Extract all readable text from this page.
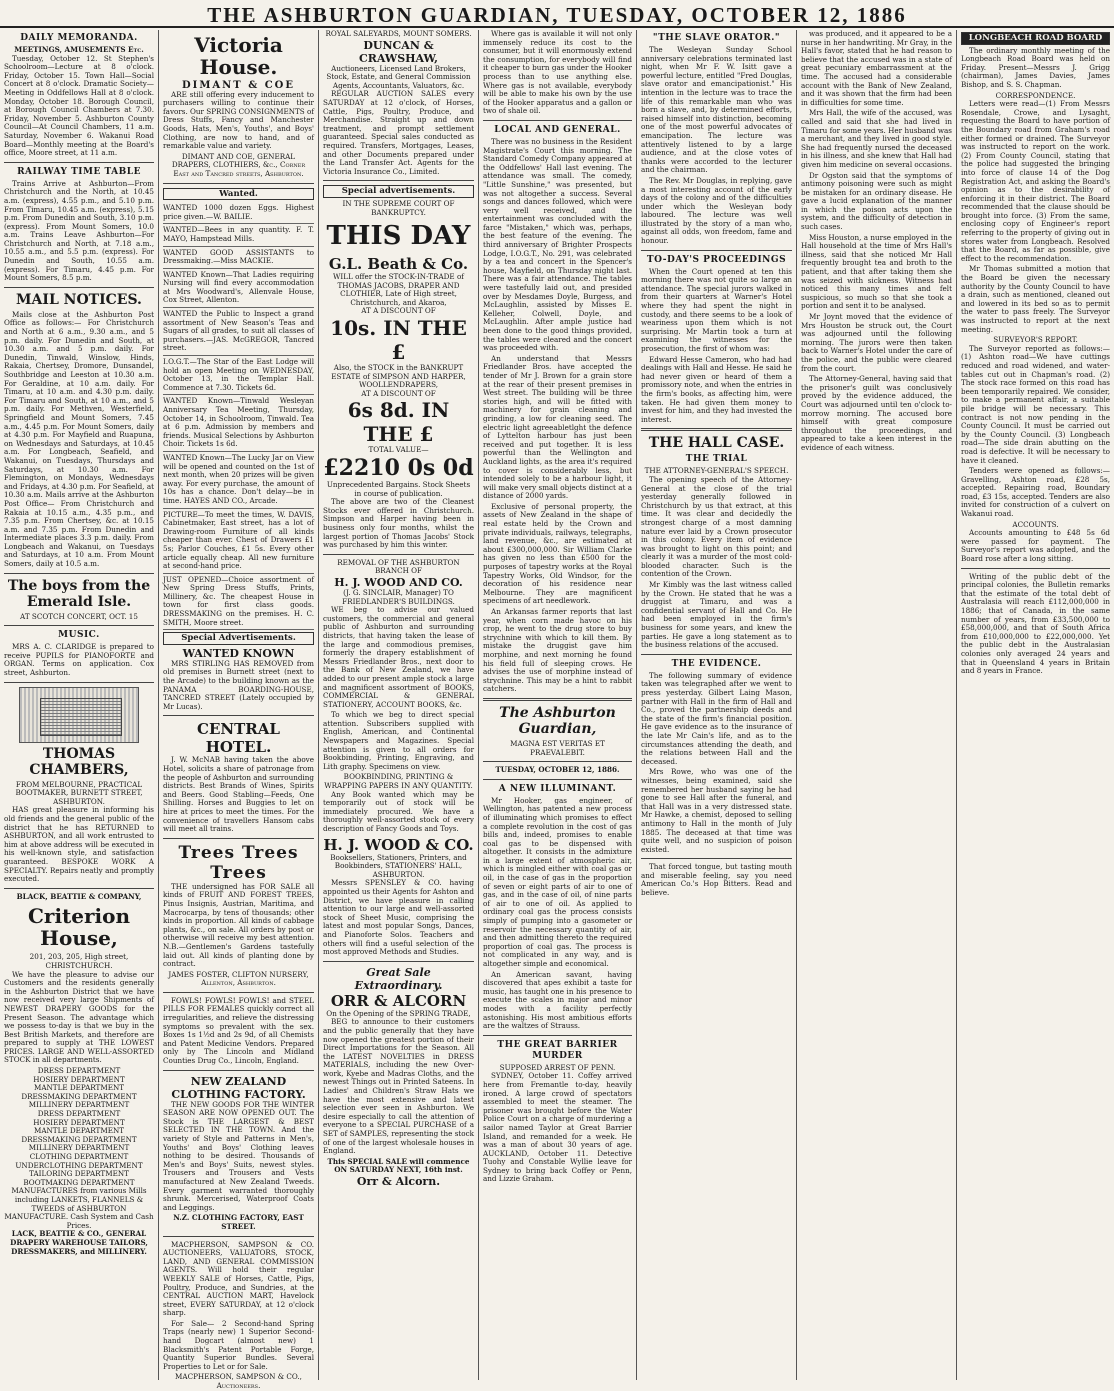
THE ASHBURTON GUARDIAN, TUESDAY, OCTOBER 12, 1886
DAILY MEMORANDA.
MEETINGS, AMUSEMENTS Etc.
Tuesday, October 12. St Stephen's Schoolroom—Lecture at 8 o'clock. Friday, October 15. Town Hall—Social Concert at 8 o'clock. Dramatic Society—Meeting in Oddfellows Hall at 8 o'clock. Monday, October 18. Borough Council, at Borough Council Chambers at 7.30. Friday, November 5. Ashburton County Council—At Council Chambers, 11 a.m. Saturday, November 6. Wakanui Road Board—Monthly meeting at the Board's office, Moore street, at 11 a.m.
RAILWAY TIME TABLE
Trains Arrive at Ashburton—From Christchurch and the North, at 10.45 a.m. (express), 4.55 p.m., and 5.10 p.m. From Timaru, 10.45 a.m. (express), 5.15 p.m. From Dunedin and South, 3.10 p.m. (express). From Mount Somers, 10.0 a.m. Trains Leave Ashburton—For Christchurch and North, at 7.18 a.m., 10.55 a.m., and 5.5 p.m. (express). For Dunedin and South, 10.55 a.m. (express). For Timaru, 4.45 p.m. For Mount Somers, 8.5 p.m.
MAIL NOTICES.
Mails close at the Ashburton Post Office as follows:— For Christchurch and North at 6 a.m., 9.30 a.m., and 5 p.m. daily. For Dunedin and South, at 10.30 a.m. and 5 p.m. daily. For Dunedin, Tinwald, Winslow, Hinds, Rakaia, Chertsey, Dromore, Dunsandel, Southbridge and Leeston at 10.30 a.m. For Geraldine, at 10 a.m. daily. For Timaru, at 10 a.m. and 4.30 p.m. daily. For Timaru and South, at 10 a.m., and 5 p.m. daily. For Methven, Westerfield, Springfield and Mount Somers, 7.45 a.m., 4.45 p.m. For Mount Somers, daily at 4.30 p.m. For Mayfield and Ruapuna, on Wednesdays and Saturdays, at 10.45 a.m. For Longbeach, Seafield, and Wakanui, on Tuesdays, Thursdays and Saturdays, at 10.30 a.m. For Flemington, on Mondays, Wednesdays and Fridays, at 4.30 p.m. For Seafield, at 10.30 a.m. Mails arrive at the Ashburton Post Office— From Christchurch and Rakaia at 10.15 a.m., 4.35 p.m., and 7.35 p.m. From Chertsey, &c. at 10.15 a.m. and 7.35 p.m. From Dunedin and Intermediate places 3.3 p.m. daily. From Longbeach and Wakanui, on Tuesdays and Saturdays, at 10 a.m. From Mount Somers, daily at 10.5 a.m.
The boys from the Emerald Isle.
AT SCOTCH CONCERT, OCT. 15
MUSIC.
MRS A. C. CLARIDGE is prepared to receive PUPILS for PIANOFORTE and ORGAN. Terms on application. Cox street, Ashburton.
THOMAS CHAMBERS,
FROM MELBOURNE, PRACTICAL BOOTMAKER, BURNETT STREET, ASHBURTON.
HAS great pleasure in informing his old friends and the general public of the district that he has RETURNED to ASHBURTON, and all work entrusted to him at above address will be executed in his well-known style, and satisfaction guaranteed. BESPOKE WORK A SPECIALTY. Repairs neatly and promptly executed.
BLACK, BEATTIE & COMPANY,
Criterion House,
201, 203, 205, High street, CHRISTCHURCH.
We have the pleasure to advise our Customers and the residents generally in the Ashburton District that we have now received very large Shipments of NEWEST DRAPERY GOODS for the Present Season. The advantage which we possess to-day is that we buy in the Best British Markets, and therefore are prepared to supply at THE LOWEST PRICES. LARGE AND WELL-ASSORTED STOCK in all departments.
DRESS DEPARTMENT
HOSIERY DEPARTMENT
MANTLE DEPARTMENT
DRESSMAKING DEPARTMENT
MILLINERY DEPARTMENT
DRESS DEPARTMENT
HOSIERY DEPARTMENT
MANTLE DEPARTMENT
DRESSMAKING DEPARTMENT
MILLINERY DEPARTMENT
CLOTHING DEPARTMENT
UNDERCLOTHING DEPARTMENT
TAILORING DEPARTMENT
BOOTMAKING DEPARTMENT
MANUFACTURES from various Mills including LANKETS, FLANNELS & TWEEDS of ASHBURTON MANUFACTURE. Cash System and Cash Prices.
LACK, BEATTIE & CO., GENERAL DRAPERY WAREHOUSE TAILORS, DRESSMAKERS, and MILLINERY.
Victoria House.
DIMANT & COE
ARE still offering every inducement to purchasers willing to continue their favors. Our SPRING CONSIGNMENTS of Dress Stuffs, Fancy and Manchester Goods, Hats, Men's, Youths', and Boys' Clothing, are now to hand, and of remarkable value and variety.
DIMANT AND COE, GENERAL DRAPERS, CLOTHIERS, &c., Corner East and Tancred streets, Ashburton.
Wanted.
WANTED 1000 dozen Eggs. Highest price given.—W. BAILIE.
WANTED—Bees in any quantity. F. T. MAYO, Hampstead Mills.
WANTED GOOD ASSISTANTS to Dressmaking.—Miss MACKIE.
WANTED Known—That Ladies requiring Nursing will find every accommodation at Mrs Woodward's, Allenvale House, Cox Street, Allenton.
WANTED the Public to Inspect a grand assortment of New Season's Teas and Sugars of all grades, to suit all classes of purchasers.—JAS. McGREGOR, Tancred street.
I.O.G.T.—The Star of the East Lodge will hold an open Meeting on WEDNESDAY, October 13, in the Templar Hall. Commence at 7.30. Tickets 6d.
WANTED Known—Tinwald Wesleyan Anniversary Tea Meeting, Thursday, October 14, in Schoolroom, Tinwald. Tea at 6 p.m. Admission by members and friends. Musical Selections by Ashburton Choir. Tickets 1s 6d.
WANTED Known—The Lucky Jar on View will be opened and counted on the 1st of next month, when 20 prizes will be given away. For every purchase, the amount of 10s has a chance. Don't delay—be in time. HAYES AND CO., Arcade.
PICTURE—To meet the times, W. DAVIS, Cabinetmaker, East street, has a lot of Drawing-room Furniture of all kinds cheaper than ever. Chest of Drawers £1 5s; Parlor Couches, £1 5s. Every other article equally cheap. All new furniture at second-hand price.
JUST OPENED—Choice assortment of New Spring Dress Stuffs, Prints, Millinery, &c. The cheapest House in town for first class goods. DRESSMAKING on the premises. H. C. SMITH, Moore street.
Special Advertisements.
WANTED KNOWN
MRS STIRLING HAS REMOVED from old premises in Burnett street (next to the Arcade) to the building known as the PANAMA BOARDING-HOUSE, TANCRED STREET (Lately occupied by Mr Lucas).
CENTRAL HOTEL.
J. W. McNAB having taken the above Hotel, solicits a share of patronage from the people of Ashburton and surrounding districts. Best Brands of Wines, Spirits and Beers. Good Stabling—Feeds, One Shilling. Horses and Buggies to let on hire at prices to meet the times. For the convenience of travellers Hansom cabs will meet all trains.
Trees Trees Trees
THE undersigned has FOR SALE all kinds of FRUIT AND FOREST TREES, Pinus Insignis, Austrian, Maritima, and Macrocarpa, by tens of thousands; other kinds in proportion. All kinds of cabbage plants, &c., on sale. All orders by post or otherwise will receive my best attention. N.B.—Gentlemen's Gardens tastefully laid out. All kinds of planting done by contract.
JAMES FOSTER, CLIFTON NURSERY, Allenton, Ashburton.
FOWLS! FOWLS! FOWLS! and STEEL PILLS FOR FEMALES quickly correct all irregularities, and relieve the distressing symptoms so prevalent with the sex. Boxes 1s 1½d and 2s 9d, of all Chemists and Patent Medicine Vendors. Prepared only by The Lincoln and Midland Counties Drug Co., Lincoln, England.
NEW ZEALAND CLOTHING FACTORY.
THE NEW GOODS FOR THE WINTER SEASON ARE NOW OPENED OUT. The Stock is THE LARGEST & BEST SELECTED IN THE TOWN. And the variety of Style and Patterns in Men's, Youths' and Boys' Clothing leaves nothing to be desired. Thousands of Men's and Boys' Suits, newest styles. Trousers and Trousers and Vests manufactured at New Zealand Tweeds. Every garment warranted thoroughly shrunk. Mercerised, Waterproof Coats and Leggings.
N.Z. CLOTHING FACTORY, EAST STREET.
MACPHERSON, SAMPSON & CO. AUCTIONEERS, VALUATORS, STOCK, LAND, AND GENERAL COMMISSION AGENTS. Will hold their regular WEEKLY SALE of Horses, Cattle, Pigs, Poultry, Produce, and Sundries, at the CENTRAL AUCTION MART, Havelock street, EVERY SATURDAY, at 12 o'clock sharp.
For Sale— 2 Second-hand Spring Traps (nearly new) 1 Superior Second-hand Dogcart (almost new) 1 Blacksmith's Patent Portable Forge, Quantity Superior Bundles. Several Properties to Let or for Sale.
MACPHERSON, SAMPSON & CO., Auctioneers.
ROYAL SALEYARDS, MOUNT SOMERS.
DUNCAN & CRAWSHAW,
Auctioneers, Licensed Land Brokers, Stock, Estate, and General Commission Agents, Accountants, Valuators, &c.
REGULAR AUCTION SALES every SATURDAY at 12 o'clock, of Horses, Cattle, Pigs, Poultry, Produce, and Merchandise. Straight up and down treatment, and prompt settlement guaranteed. Special sales conducted as required. Transfers, Mortgages, Leases, and other Documents prepared under the Land Transfer Act. Agents for the Victoria Insurance Co., Limited.
Special advertisements.
IN THE SUPREME COURT OF BANKRUPTCY.
THIS DAY
G.L. Beath & Co.
WILL offer the STOCK-IN-TRADE of THOMAS JACOBS, DRAPER AND CLOTHIER, Late of High street, Christchurch, and Akaroa,
AT A DISCOUNT OF
10s. IN THE £
Also, the STOCK in the BANKRUPT ESTATE of SIMPSON AND HARPER, WOOLLENDRAPERS,
AT A DISCOUNT OF
6s 8d. IN THE £
TOTAL VALUE—
£2210 0s 0d
Unprecedented Bargains. Stock Sheets in course of publication.
The above are two of the Cleanest Stocks ever offered in Christchurch. Simpson and Harper having been in business only four months, whilst the largest portion of Thomas Jacobs' Stock was purchased by him this winter.
REMOVAL OF THE ASHBURTON BRANCH OF
H. J. WOOD AND CO.
(J. G. SINCLAIR, Manager) TO FRIEDLANDER'S BUILDINGS.
WE beg to advise our valued customers, the commercial and general public of Ashburton and surrounding districts, that having taken the lease of the large and commodious premises, formerly the drapery establishment of Messrs Friedlander Bros., next door to the Bank of New Zealand, we have added to our present ample stock a large and magnificent assortment of BOOKS, COMMERCIAL & GENERAL STATIONERY, ACCOUNT BOOKS, &c.
To which we beg to direct special attention. Subscribers supplied with English, American, and Continental Newspapers and Magazines. Special attention is given to all orders for Bookbinding, Printing, Engraving, and Lith graphy. Specimens on view.
BOOKBINDING, PRINTING & WRAPPING PAPERS IN ANY QUANTITY.
Any Book wanted which may be temporarily out of stock will be immediately procured. We have a thoroughly well-assorted stock of every description of Fancy Goods and Toys.
H. J. WOOD & CO.
Booksellers, Stationers, Printers, and Bookbinders, STATIONERS' HALL, ASHBURTON.
Messrs SPENSLEY & CO. having appointed us their Agents for Ashton and District, we have pleasure in calling attention to our large and well-assorted stock of Sheet Music, comprising the latest and most popular Songs, Dances, and Pianoforte Solos. Teachers and others will find a useful selection of the most approved Methods and Studies.
Great Sale Extraordinary.
ORR & ALCORN
On the Opening of the SPRING TRADE,
BEG to announce to their customers and the public generally that they have now opened the greatest portion of their Direct Importations for the Season. All the LATEST NOVELTIES in DRESS MATERIALS, including the new Over-work, Kyebe and Madras Cloths, and the newest Things out in Printed Sateens. In Ladies' and Children's Straw Hats we have the most extensive and latest selection ever seen in Ashburton. We desire especially to call the attention of everyone to a SPECIAL PURCHASE of a SET of SAMPLES, representing the stock of one of the largest wholesale houses in England.
This SPECIAL SALE will commence ON SATURDAY NEXT, 16th inst.
Orr & Alcorn.
Where gas is available it will not only immensely reduce its cost to the consumer, but it will enormously extend the consumption, for everybody will find it cheaper to burn gas under the Hooker process than to use anything else. Where gas is not available, everybody will be able to make his own by the use of the Hooker apparatus and a gallon or two of shale oil.
LOCAL AND GENERAL.
There was no business in the Resident Magistrate's Court this morning. The Standard Comedy Company appeared at the Oddfellows' Hall last evening. The attendance was small. The comedy, "Little Sunshine," was presented, but was not altogether a success. Several songs and dances followed, which were very well received, and the entertainment was concluded with the farce "Mistaken," which was, perhaps, the best feature of the evening. The third anniversary of Brighter Prospects Lodge, I.O.G.T., No. 291, was celebrated by a tea and concert in the Spencer's house, Mayfield, on Thursday night last. There was a fair attendance. The tables were tastefully laid out, and presided over by Mesdames Doyle, Burgess, and McLaughlin, assisted by Misses E. Kelleher, Colwell, Doyle, and McLaughlin. After ample justice had been done to the good things provided, the tables were cleared and the concert was proceeded with.
An understand that Messrs Friedlander Bros. have accepted the tender of Mr J. Brown for a grain store at the rear of their present premises in West street. The building will be three stories high, and will be fitted with machinery for grain cleaning and grinding, a low for cleaning seed. The electric light agreeabletlght the defence of Lyttelton harbour has just been received and put together. It is less powerful than the Wellington and Auckland lights, as the area it's required to cover is considerably less, but intended solely to be a harbour light, it will make very small objects distinct at a distance of 2000 yards.
Exclusive of personal property, the assets of New Zealand in the shape of real estate held by the Crown and private individuals, railways, telegraphs, land revenue, &c., are estimated at about £300,000,000. Sir William Clarke has given no less than £500 for the purposes of tapestry works at the Royal Tapestry Works, Old Windsor, for the decoration of his residence near Melbourne. They are magnificent specimens of art needlework.
An Arkansas farmer reports that last year, when corn made havoc on his crop, he went to the drug store to buy strychnine with which to kill them. By mistake the druggist gave him morphine, and next morning he found his field full of sleeping crows. He advises the use of morphine instead of strychnine. This may be a hint to rabbit catchers.
The Ashburton Guardian,
MAGNA EST VERITAS ET PRAEVALEBIT.
TUESDAY, OCTOBER 12, 1886.
A NEW ILLUMINANT.
Mr Hooker, gas engineer, of Wellington, has patented a new process of illuminating which promises to effect a complete revolution in the cost of gas bills and, indeed, promises to enable coal gas to be dispensed with altogether. It consists in the admixture in a large extent of atmospheric air, which is mingled either with coal gas or oil, in the case of gas in the proportion of seven or eight parts of air to one of gas, and in the case of oil, of nine parts of air to one of oil. As applied to ordinary coal gas the process consists simply of pumping into a gasometer or reservoir the necessary quantity of air, and then admitting thereto the required proportion of coal gas. The process is not complicated in any way, and is altogether simple and economical.
An American savant, having discovered that apes exhibit a taste for music, has taught one in his presence to execute the scales in major and minor modes with a facility perfectly astonishing. His most ambitious efforts are the waltzes of Strauss.
THE GREAT BARRIER MURDER
SUPPOSED ARREST OF PENN.
SYDNEY, October 11. Coffey arrived here from Fremantle to-day, heavily ironed. A large crowd of spectators assembled to meet the steamer. The prisoner was brought before the Water Police Court on a charge of murdering a sailor named Taylor at Great Barrier Island, and remanded for a week. He was a man of about 30 years of age. AUCKLAND, October 11. Detective Tuohy and Constable Wyllie leave for Sydney to bring back Coffey or Penn, and Lizzie Graham.
"THE SLAVE ORATOR."
The Wesleyan Sunday School anniversary celebrations terminated last night, when Mr F. W. Isitt gave a powerful lecture, entitled "Fred Douglas, slave orator and emancipationist." His intention in the lecture was to trace the life of this remarkable man who was born a slave, and, by determined efforts, raised himself into distinction, becoming one of the most powerful advocates of emancipation. The lecture was attentively listened to by a large audience, and at the close votes of thanks were accorded to the lecturer and the chairman.
The Rev. Mr Douglas, in replying, gave a most interesting account of the early days of the colony and of the difficulties under which the Wesleyan body laboured. The lecture was well illustrated by the story of a man who, against all odds, won freedom, fame and honour.
TO-DAY'S PROCEEDINGS
When the Court opened at ten this morning there was not quite so large an attendance. The special jurors walked in from their quarters at Warner's Hotel where they had spent the night in custody, and there seems to be a look of weariness upon them which is not surprising. Mr Martin took a turn at examining the witnesses for the prosecution, the first of whom was:
Edward Hesse Cameron, who had had dealings with Hall and Hesse. He said he had never given or heard of them a promissory note, and when the entries in the firm's books, as affecting him, were taken. He had given them money to invest for him, and they had invested the interest.
THE HALL CASE.
THE TRIAL
THE ATTORNEY-GENERAL'S SPEECH.
The opening speech of the Attorney-General at the close of the trial yesterday generally followed in Christchurch by us that extract, at this time. It was clear and decidedly the strongest charge of a most damning nature ever laid by a Crown prosecutor in this colony. Every item of evidence was brought to light on this point; and clearly it was a murder of the most cold-blooded character. Such is the contention of the Crown.
Mr Kimbly was the last witness called by the Crown. He stated that he was a druggist at Timaru, and was a confidential servant of Hall and Co. He had been employed in the firm's business for some years, and knew the parties. He gave a long statement as to the business relations of the accused.
THE EVIDENCE.
The following summary of evidence taken was telegraphed after we went to press yesterday. Gilbert Laing Mason, partner with Hall in the firm of Hall and Co., proved the partnership deeds and the state of the firm's financial position. He gave evidence as to the insurance of the late Mr Cain's life, and as to the circumstances attending the death, and the relations between Hall and the deceased.
Mrs Rowe, who was one of the witnesses, being examined, said she remembered her husband saying he had gone to see Hall after the funeral, and that Hall was in a very distressed state. Mr Hawke, a chemist, deposed to selling antimony to Hall in the month of July 1885. The deceased at that time was quite well, and no suspicion of poison existed.
That forced tongue, but tasting mouth and miserable feeling, say you need American Co.'s Hop Bitters. Read and believe.
was produced, and it appeared to be a nurse in her handwriting. Mr Gray, in the Hall's favor, stated that he had reason to believe that the accused was in a state of great pecuniary embarrassment at the time. The accused had a considerable account with the Bank of New Zealand, and it was shown that the firm had been in difficulties for some time.
Mrs Hall, the wife of the accused, was called and said that she had lived in Timaru for some years. Her husband was a merchant, and they lived in good style. She had frequently nursed the deceased in his illness, and she knew that Hall had given him medicine on several occasions.
Dr Ogston said that the symptoms of antimony poisoning were such as might be mistaken for an ordinary disease. He gave a lucid explanation of the manner in which the poison acts upon the system, and the difficulty of detection in such cases.
Miss Houston, a nurse employed in the Hall household at the time of Mrs Hall's illness, said that she noticed Mr Hall frequently brought tea and broth to the patient, and that after taking them she was seized with sickness. Witness had noticed this many times and felt suspicious, so much so that she took a portion and sent it to be analysed.
Mr Joynt moved that the evidence of Mrs Houston be struck out, the Court was adjourned until the following morning. The jurors were then taken back to Warner's Hotel under the care of the police, and the public were cleared from the court.
The Attorney-General, having said that the prisoner's guilt was conclusively proved by the evidence adduced, the Court was adjourned until ten o'clock to-morrow morning. The accused bore himself with great composure throughout the proceedings, and appeared to take a keen interest in the evidence of each witness.
LONGBEACH ROAD BOARD
The ordinary monthly meeting of the Longbeach Road Board was held on Friday. Present—Messrs J. Grigg (chairman), James Davies, James Bishop, and S. S. Chapman.
CORRESPONDENCE.
Letters were read—(1) From Messrs Rosendale, Crowe, and Lysaght, requesting the Board to have portion of the Boundary road from Graham's road either formed or drained. The Surveyor was instructed to report on the work. (2) From County Council, stating that the police had suggested the bringing into force of clause 14 of the Dog Registration Act, and asking the Board's opinion as to the desirability of enforcing it in their district. The Board recommended that the clause should be brought into force. (3) From the same, enclosing copy of Engineer's report referring to the property of giving out in stores water from Longbeach. Resolved that the Board, as far as possible, give effect to the recommendation.
Mr Thomas submitted a motion that the Board be given the necessary authority by the County Council to have a drain, such as mentioned, cleaned out and lowered in its bed so as to permit the water to pass freely. The Surveyor was instructed to report at the next meeting.
SURVEYOR'S REPORT.
The Surveyor reported as follows:—(1) Ashton road—We have cuttings reduced and road widened, and water-tables cut out in Chapman's road. (2) The stock race formed on this road has been temporarily repaired. We consider, to make a permanent affair, a suitable pile bridge will be necessary. This contract is not now pending in the County Council. It must be carried out by the County Council. (3) Longbeach road—The side drain abutting on the road is defective. It will be necessary to have it cleaned.
Tenders were opened as follows:—Gravelling, Ashton road, £28 5s, accepted. Repairing road, Boundary road, £3 15s, accepted. Tenders are also invited for construction of a culvert on Wakanui road.
ACCOUNTS.
Accounts amounting to £48 5s 6d were passed for payment. The Surveyor's report was adopted, and the Board rose after a long sitting.
Writing of the public debt of the principal colonies, the Bulletin remarks that the estimate of the total debt of Australasia will reach £112,000,000 in 1886; that of Canada, in the same number of years, from £33,500,000 to £58,000,000, and that of South Africa from £10,000,000 to £22,000,000. Yet the public debt in the Australasian colonies only averaged 24 years and that in Queensland 4 years in Britain and 8 years in France.
